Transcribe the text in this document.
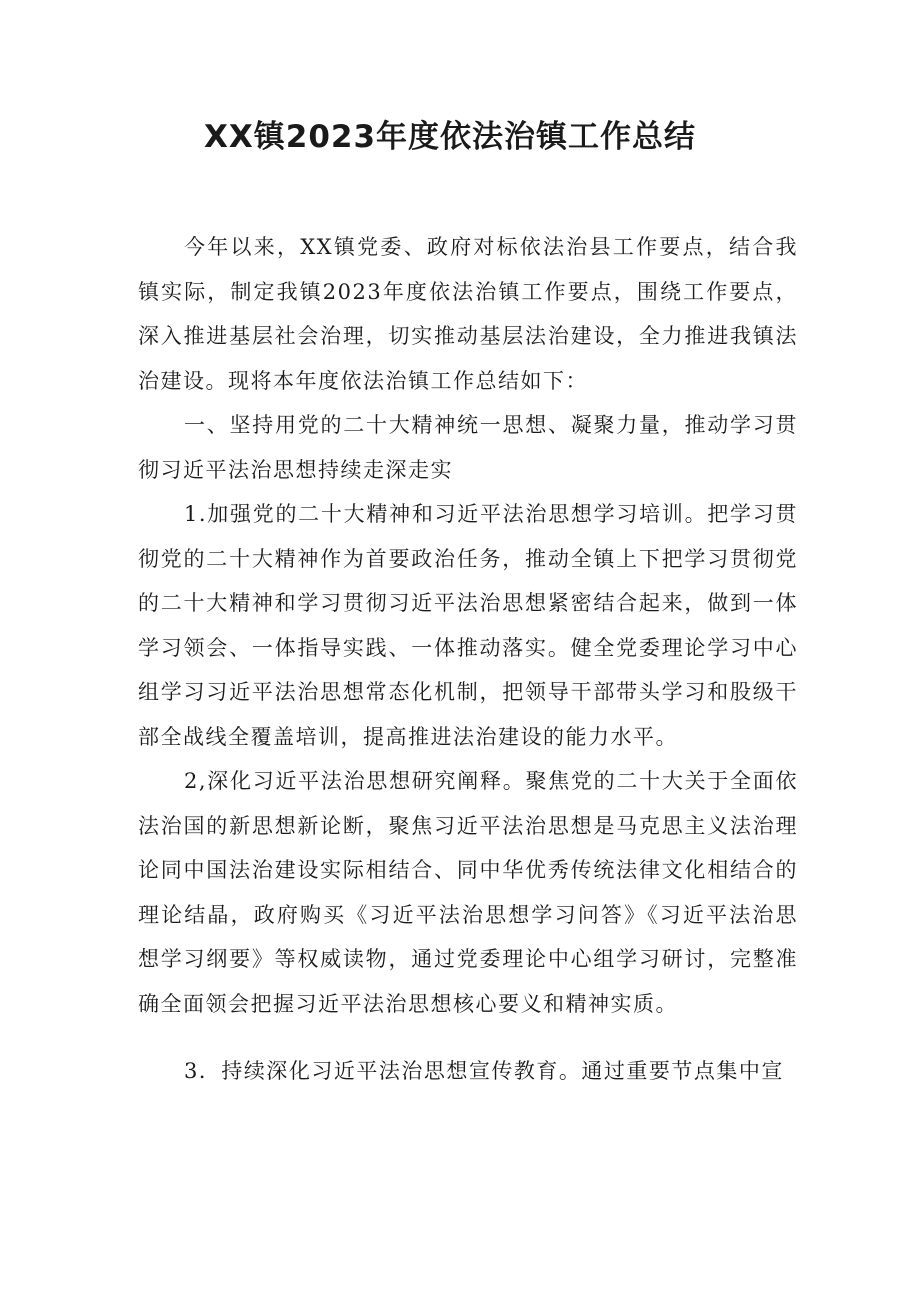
XX镇2023年度依法治镇工作总结

今年以来，XX镇党委、政府对标依法治县工作要点，结合我镇实际，制定我镇2023年度依法治镇工作要点，围绕工作要点，深入推进基层社会治理，切实推动基层法治建设，全力推进我镇法治建设。现将本年度依法治镇工作总结如下：

一、坚持用党的二十大精神统一思想、凝聚力量，推动学习贯彻习近平法治思想持续走深走实

1.加强党的二十大精神和习近平法治思想学习培训。把学习贯彻党的二十大精神作为首要政治任务，推动全镇上下把学习贯彻党的二十大精神和学习贯彻习近平法治思想紧密结合起来，做到一体学习领会、一体指导实践、一体推动落实。健全党委理论学习中心组学习习近平法治思想常态化机制，把领导干部带头学习和股级干部全战线全覆盖培训，提高推进法治建设的能力水平。

2,深化习近平法治思想研究阐释。聚焦党的二十大关于全面依法治国的新思想新论断，聚焦习近平法治思想是马克思主义法治理论同中国法治建设实际相结合、同中华优秀传统法律文化相结合的理论结晶，政府购买《习近平法治思想学习问答》《习近平法治思想学习纲要》等权威读物，通过党委理论中心组学习研讨，完整准确全面领会把握习近平法治思想核心要义和精神实质。

3．持续深化习近平法治思想宣传教育。通过重要节点集中宣
